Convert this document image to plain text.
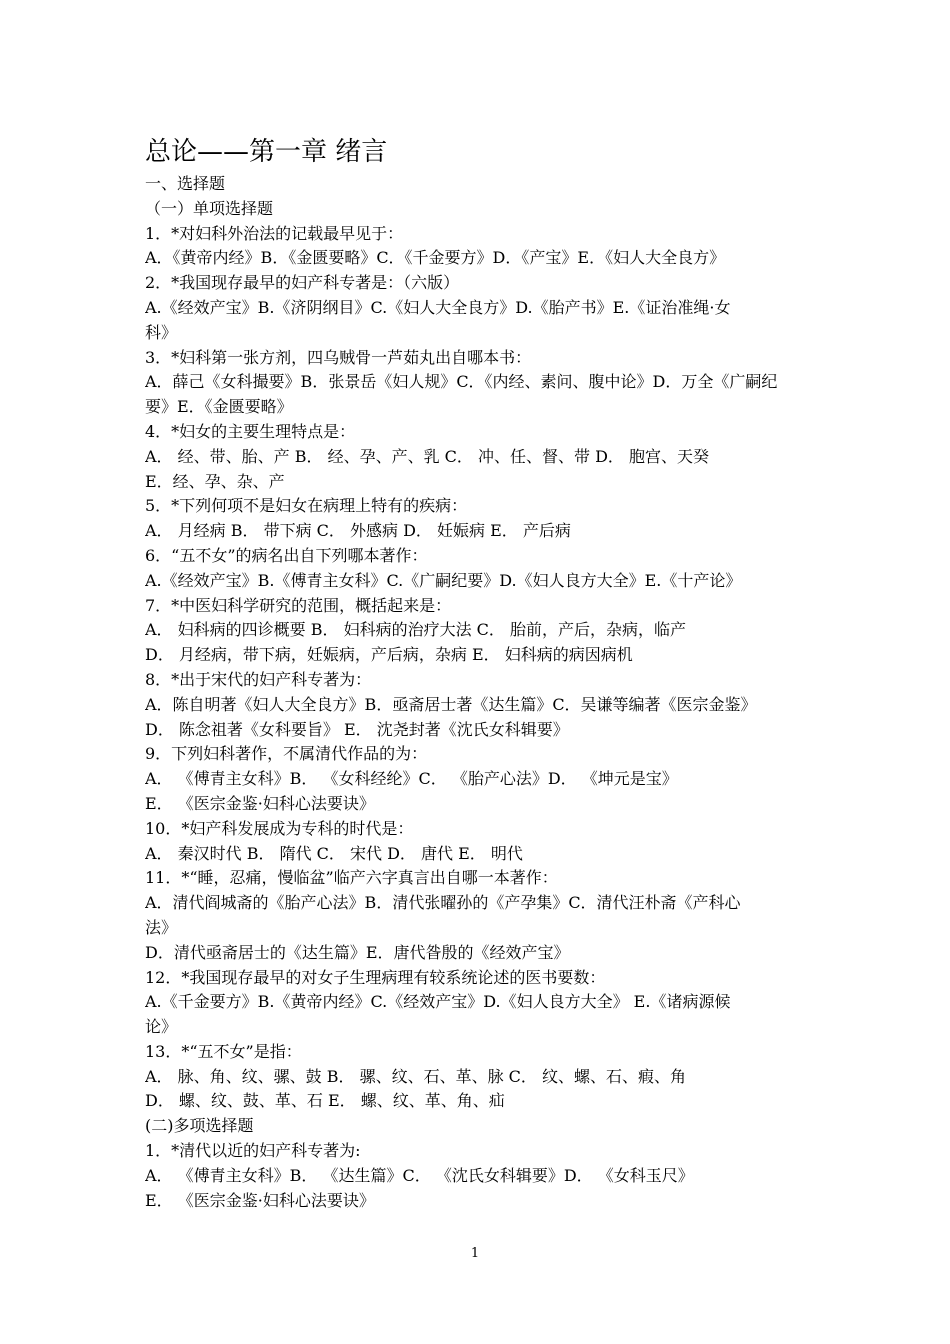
总论——第一章 绪言

一、选择题

（一）单项选择题

1．*对妇科外治法的记载最早见于：

A．《黄帝内经》B．《金匮要略》C．《千金要方》D．《产宝》E．《妇人大全良方》

2．*我国现存最早的妇产科专著是：（六版）

A.《经效产宝》B.《济阴纲目》C.《妇人大全良方》D.《胎产书》E.《证治准绳·女

科》

3．*妇科第一张方剂，四乌贼骨一芦茹丸出自哪本书：

A．薛己《女科撮要》B．张景岳《妇人规》C．《内经、素问、腹中论》D．万全《广嗣纪

要》E．《金匮要略》

4．*妇女的主要生理特点是：

A． 经、带、胎、产 B． 经、孕、产、乳 C． 冲、任、督、带 D． 胞宫、天癸

E．经、孕、杂、产

5．*下列何项不是妇女在病理上特有的疾病：

A． 月经病 B． 带下病 C． 外感病 D． 妊娠病 E． 产后病

6．“五不女”的病名出自下列哪本著作：

A.《经效产宝》B.《傅青主女科》C.《广嗣纪要》D.《妇人良方大全》E.《十产论》

7．*中医妇科学研究的范围，概括起来是：

A． 妇科病的四诊概要 B． 妇科病的治疗大法 C． 胎前，产后，杂病，临产

D． 月经病，带下病，妊娠病，产后病，杂病 E． 妇科病的病因病机

8．*出于宋代的妇产科专著为：

A．陈自明著《妇人大全良方》B．亟斋居士著《达生篇》C．吴谦等编著《医宗金鉴》

D． 陈念祖著《女科要旨》 E． 沈尧封著《沈氏女科辑要》

9．下列妇科著作，不属清代作品的为：

A． 《傅青主女科》B． 《女科经纶》C． 《胎产心法》D． 《坤元是宝》

E． 《医宗金鉴·妇科心法要诀》

10．*妇产科发展成为专科的时代是：

A． 秦汉时代 B． 隋代 C． 宋代 D． 唐代 E． 明代

11．*“睡，忍痛，慢临盆”临产六字真言出自哪一本著作：

A．清代阎城斋的《胎产心法》B．清代张曜孙的《产孕集》C．清代汪朴斋《产科心

法》

D．清代亟斋居士的《达生篇》E．唐代昝殷的《经效产宝》

12．*我国现存最早的对女子生理病理有较系统论述的医书要数：

A.《千金要方》B.《黄帝内经》C.《经效产宝》D.《妇人良方大全》 E.《诸病源候

论》

13．*“五不女”是指：

A． 脉、角、纹、骡、鼓 B． 骡、纹、石、革、脉 C． 纹、螺、石、瘕、角

D． 螺、纹、鼓、革、石 E． 螺、纹、革、角、疝

(二)多项选择题

1．*清代以近的妇产科专著为:

A． 《傅青主女科》B． 《达生篇》C． 《沈氏女科辑要》D． 《女科玉尺》

E． 《医宗金鉴·妇科心法要诀》

1
